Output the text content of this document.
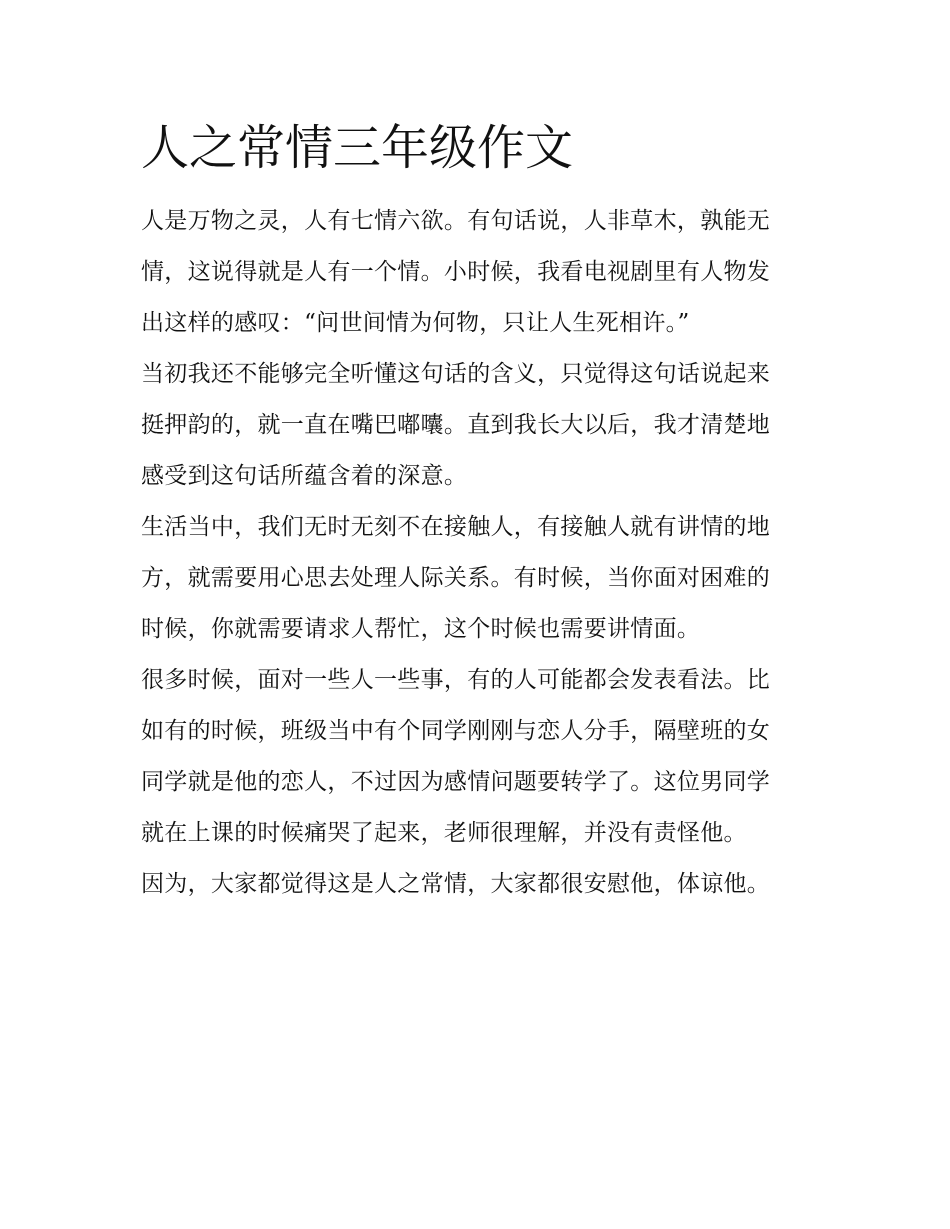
人之常情三年级作文

人是万物之灵，人有七情六欲。有句话说，人非草木，孰能无
情，这说得就是人有一个情。小时候，我看电视剧里有人物发
出这样的感叹：“问世间情为何物，只让人生死相许。”

当初我还不能够完全听懂这句话的含义，只觉得这句话说起来
挺押韵的，就一直在嘴巴嘟囔。直到我长大以后，我才清楚地
感受到这句话所蕴含着的深意。

生活当中，我们无时无刻不在接触人，有接触人就有讲情的地
方，就需要用心思去处理人际关系。有时候，当你面对困难的
时候，你就需要请求人帮忙，这个时候也需要讲情面。

很多时候，面对一些人一些事，有的人可能都会发表看法。比
如有的时候，班级当中有个同学刚刚与恋人分手，隔壁班的女
同学就是他的恋人，不过因为感情问题要转学了。这位男同学
就在上课的时候痛哭了起来，老师很理解，并没有责怪他。

因为，大家都觉得这是人之常情，大家都很安慰他，体谅他。
